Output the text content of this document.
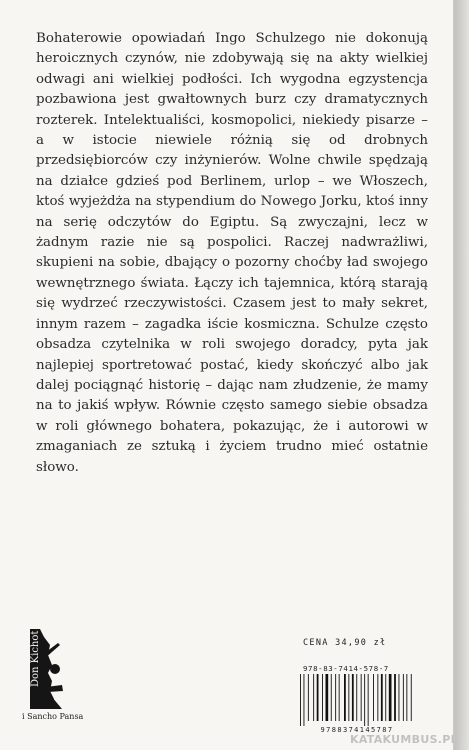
Bohaterowie opowiadań Ingo Schulzego nie dokonują heroicznych czynów, nie zdobywają się na akty wielkiej odwagi ani wielkiej podłości. Ich wygodna egzystencja pozbawiona jest gwałtownych burz czy dramatycznych rozterek. Intelektualiści, kosmopolici, niekiedy pisarze – a w istocie niewiele różnią się od drobnych przedsiębiorców czy inżynierów. Wolne chwile spędzają na działce gdzieś pod Berlinem, urlop – we Włoszech, ktoś wyjeżdża na stypendium do Nowego Jorku, ktoś inny na serię odczytów do Egiptu. Są zwyczajni, lecz w żadnym razie nie są pospolici. Raczej nadwrażliwi, skupieni na sobie, dbający o pozorny choćby ład swojego wewnętrznego świata. Łączy ich tajemnica, którą starają się wydrzeć rzeczywistości. Czasem jest to mały sekret, innym razem – zagadka iście kosmiczna. Schulze często obsadza czytelnika w roli swojego doradcy, pyta jak najlepiej sportretować postać, kiedy skończyć albo jak dalej pociągnąć historię – dając nam złudzenie, że mamy na to jakiś wpływ. Równie często samego siebie obsadza w roli głównego bohatera, pokazując, że i autorowi w zmaganiach ze sztuką i życiem trudno mieć ostatnie słowo.

Don Kichot
i Sancho Pansa
CENA 34,90 zł
978-83-7414-578-7
9788374145787
KATAKUMBUS.PL
